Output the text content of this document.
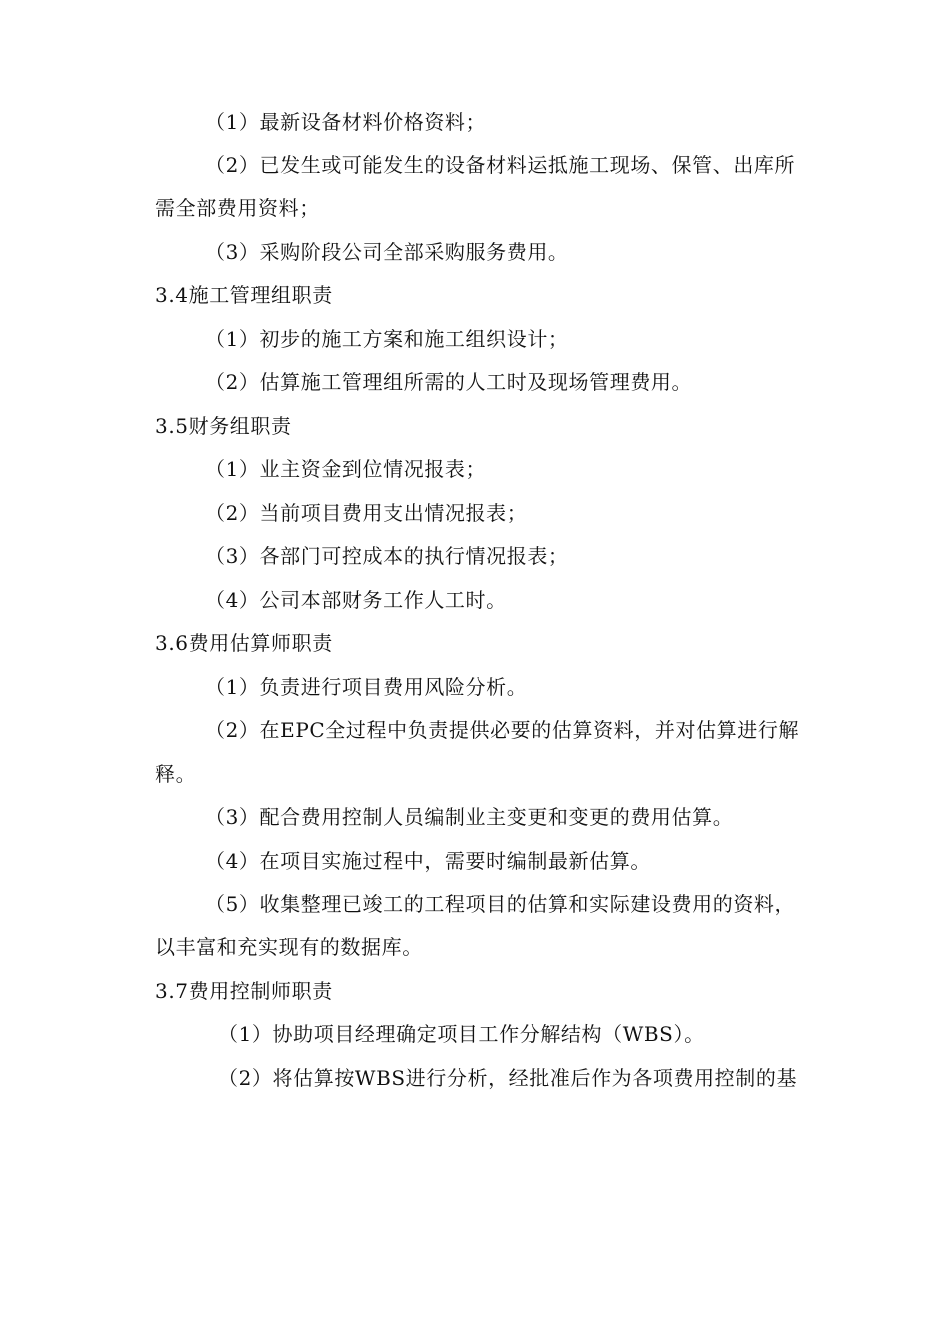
（1）最新设备材料价格资料；
（2）已发生或可能发生的设备材料运抵施工现场、保管、出库所
需全部费用资料；
（3）采购阶段公司全部采购服务费用。
3.4施工管理组职责
（1）初步的施工方案和施工组织设计；
（2）估算施工管理组所需的人工时及现场管理费用。
3.5财务组职责
（1）业主资金到位情况报表；
（2）当前项目费用支出情况报表；
（3）各部门可控成本的执行情况报表；
（4）公司本部财务工作人工时。
3.6费用估算师职责
（1）负责进行项目费用风险分析。
（2）在EPC全过程中负责提供必要的估算资料，并对估算进行解
释。
（3）配合费用控制人员编制业主变更和变更的费用估算。
（4）在项目实施过程中，需要时编制最新估算。
（5）收集整理已竣工的工程项目的估算和实际建设费用的资料，
以丰富和充实现有的数据库。
3.7费用控制师职责
（1）协助项目经理确定项目工作分解结构（WBS）。
（2）将估算按WBS进行分析，经批准后作为各项费用控制的基
